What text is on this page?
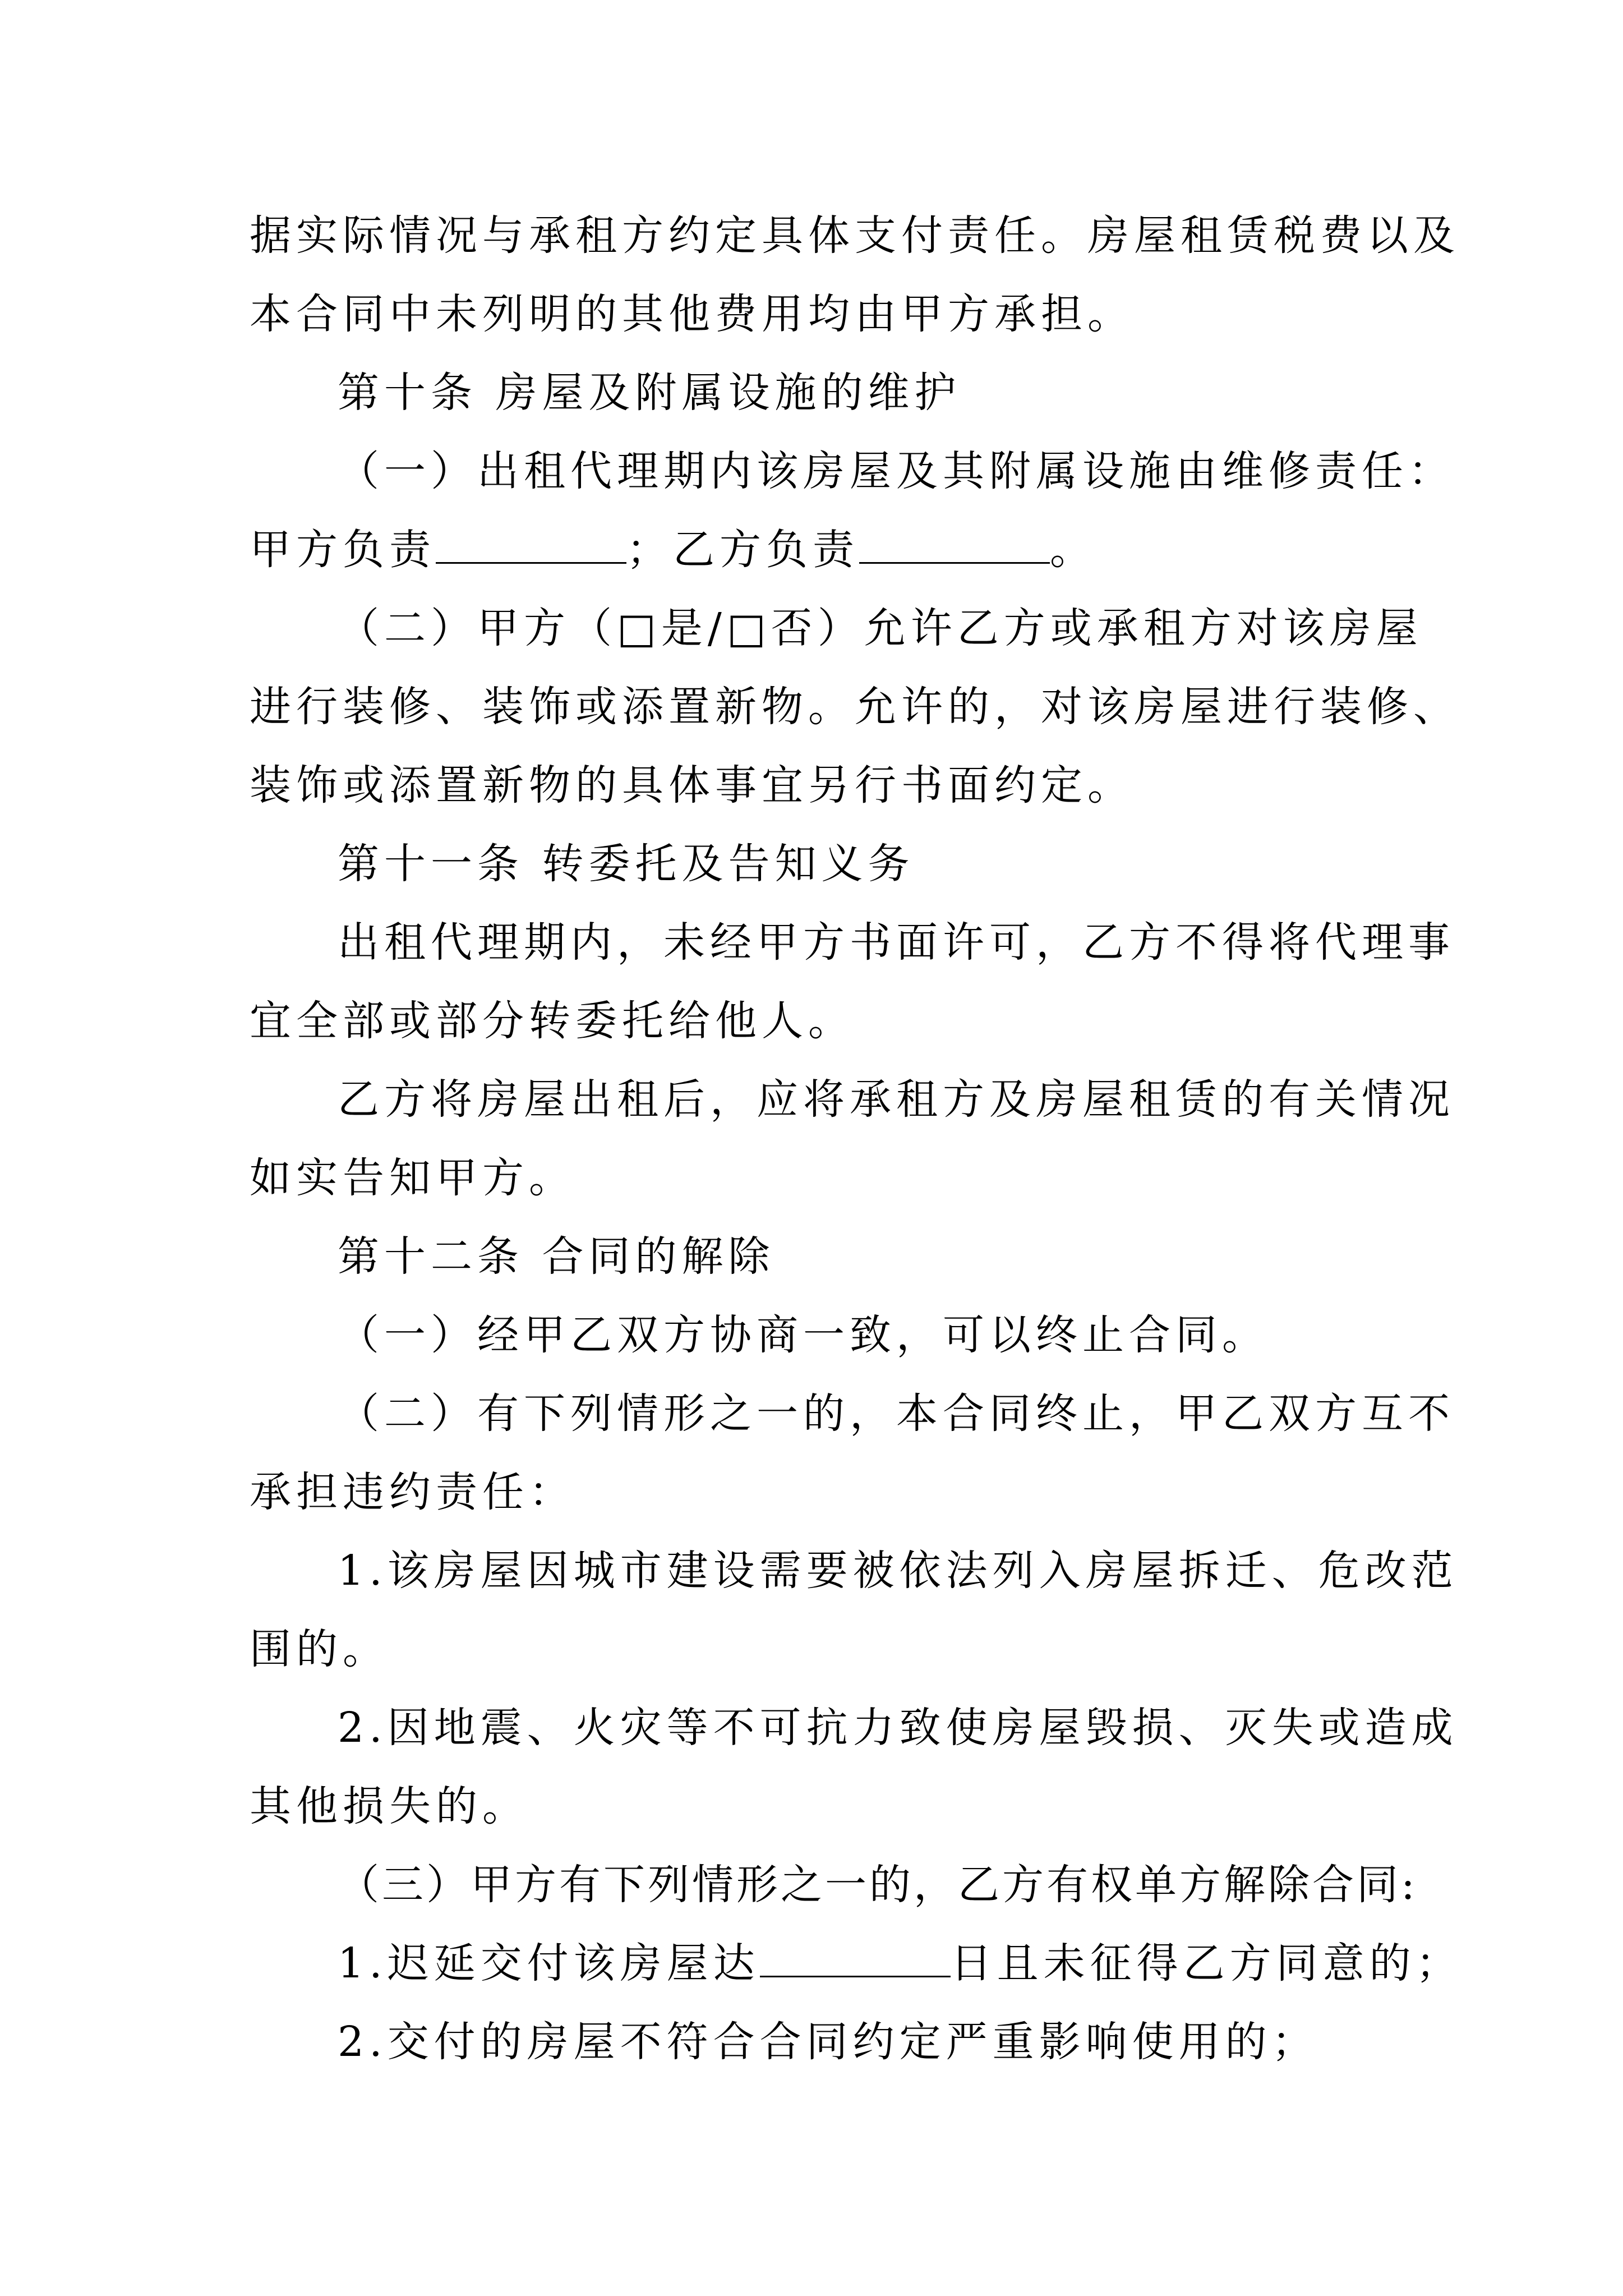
据实际情况与承租方约定具体支付责任。房屋租赁税费以及
本合同中未列明的其他费用均由甲方承担。
第十条 房屋及附属设施的维护
（一）出租代理期内该房屋及其附属设施由维修责任：
甲方负责	；乙方负责	。
（二）甲方（□是/□否）允许乙方或承租方对该房屋
进行装修、装饰或添置新物。允许的，对该房屋进行装修、
装饰或添置新物的具体事宜另行书面约定。
第十一条 转委托及告知义务
出租代理期内，未经甲方书面许可，乙方不得将代理事
宜全部或部分转委托给他人。
乙方将房屋出租后，应将承租方及房屋租赁的有关情况
如实告知甲方。
第十二条 合同的解除
（一）经甲乙双方协商一致，可以终止合同。
（二）有下列情形之一的，本合同终止，甲乙双方互不
承担违约责任：
1.该房屋因城市建设需要被依法列入房屋拆迁、危改范
围的。
2.因地震、火灾等不可抗力致使房屋毁损、灭失或造成
其他损失的。
（三）甲方有下列情形之一的，乙方有权单方解除合同:
1.迟延交付该房屋达	日且未征得乙方同意的；
2.交付的房屋不符合合同约定严重影响使用的；
